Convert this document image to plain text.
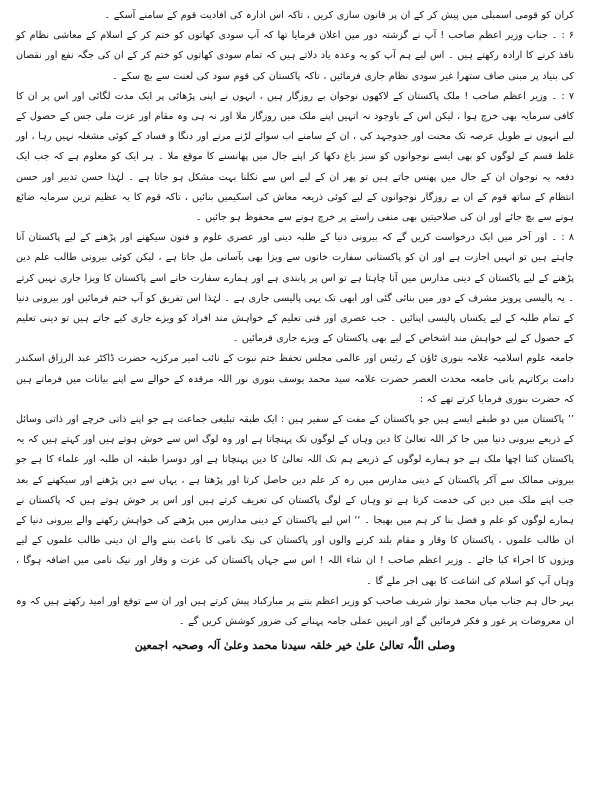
کران کو قومی اسمبلی میں پیش کر کے ان پر قانون سازی کریں ، تاکہ اس ادارہ کی افادیت قوم کے سامنے آسکے ۔

۶ : ۔ جناب وزیر اعظم صاحب ! آپ نے گزشتہ دور میں اعلان فرمایا تھا کہ آپ سودی کھاتوں کو ختم کر کے اسلام کے معاشی نظام کو نافذ کرنے کا ارادہ رکھتے ہیں ۔ اس لیے ہم آپ کو یہ وعدہ یاد دلاتے ہیں کہ تمام سودی کھاتوں کو ختم کر کے ان کی جگہ نفع اور نقصان کی بنیاد پر مبنی صاف ستھرا غیر سودی نظام جاری فرمائیں ، تاکہ پاکستان کی قوم سود کی لعنت سے بچ سکے ۔

۷ : ۔ وزیر اعظم صاحب ! ملک پاکستان کے لاکھوں نوجوان بے روزگار ہیں ، انہوں نے اپنی پڑھائی پر ایک مدت لگائی اور اس پر ان کا کافی سرمایہ بھی خرچ ہوا ، لیکن اس کے باوجود نہ انہیں اپنے ملک میں روزگار ملا اور نہ ہی وہ مقام اور عزت ملی جس کے حصول کے لیے انہوں نے طویل عرصہ تک محنت اور جدوجہد کی ، ان کے سامنے اب سوائے لڑنے مرنے اور دنگا و فساد کے کوئی مشغلہ نہیں رہا ، اور غلط قسم کے لوگوں کو بھی ایسے نوجوانوں کو سبز باغ دکھا کر اپنے جال میں پھانسنے کا موقع ملا ۔ ہر ایک کو معلوم ہے کہ جب ایک دفعہ یہ نوجوان ان کے جال میں پھنس جاتے ہیں تو پھر ان کے لیے اس سے نکلنا بہت مشکل ہو جاتا ہے ۔ لہٰذا حسن تدبیر اور حسن انتظام کے ساتھ قوم کے ان بے روزگار نوجوانوں کے لیے کوئی ذریعہ معاش کی اسکیمیں بنائیں ، تاکہ قوم کا یہ عظیم ترین سرمایہ ضائع ہونے سے بچ جائے اور ان کی صلاحیتیں بھی منفی راستے پر خرچ ہونے سے محفوظ ہو جائیں ۔

۸ : ۔ اور آخر میں ایک درخواست کریں گے کہ بیرونی دنیا کے طلبہ دینی اور عصری علوم و فنون سیکھنے اور پڑھنے کے لیے پاکستان آنا چاہتے ہیں تو انہیں اجازت ہے اور ان کو پاکستانی سفارت خانوں سے ویزا بھی بآسانی مل جاتا ہے ، لیکن کوئی بیرونی طالب علم دین پڑھنے کے لیے پاکستان کے دینی مدارس میں آنا چاہتا ہے تو اس پر پابندی ہے اور ہمارے سفارت خانے اسے پاکستان کا ویزا جاری نہیں کرتے ۔ یہ پالیسی پرویز مشرف کے دور میں بنائی گئی اور ابھی تک یہی پالیسی جاری ہے ۔ لہٰذا اس تفریق کو آپ ختم فرمائیں اور بیرونی دنیا کے تمام طلبہ کے لیے یکساں پالیسی اپنائیں ۔ جب عصری اور فنی تعلیم کے خواہش مند افراد کو ویزے جاری کیے جاتے ہیں تو دینی تعلیم کے حصول کے لیے خواہش مند اشخاص کے لیے بھی پاکستان کے ویزے جاری فرمائیں ۔

جامعہ علوم اسلامیہ علامہ بنوری ٹاؤن کے رئیس اور عالمی مجلس تحفظ ختم نبوت کے نائب امیر مرکزیہ حضرت ڈاکٹر عبد الرزاق اسکندر دامت برکاتہم بانی جامعہ محدث العصر حضرت علامہ سید محمد یوسف بنوری نور اللہ مرقدہ کے حوالے سے اپنے بیانات میں فرماتے ہیں کہ حضرت بنوری فرمایا کرتے تھے کہ :

’’ پاکستان میں دو طبقے ایسے ہیں جو پاکستان کے مفت کے سفیر ہیں : ایک طبقہ تبلیغی جماعت ہے جو اپنے ذاتی خرچے اور ذاتی وسائل کے ذریعے بیرونی دنیا میں جا کر اللہ تعالیٰ کا دین وہاں کے لوگوں تک پہنچاتا ہے اور وہ لوگ اس سے خوش ہوتے ہیں اور کہتے ہیں کہ یہ پاکستان کتنا اچھا ملک ہے جو ہمارے لوگوں کے ذریعے ہم تک اللہ تعالیٰ کا دین پہنچاتا ہے اور دوسرا طبقہ ان طلبہ اور علماء کا ہے جو بیرونی ممالک سے آکر پاکستان کے دینی مدارس میں رہ کر علم دین حاصل کرتا اور پڑھتا ہے ، یہاں سے دین پڑھنے اور سیکھنے کے بعد جب اپنے ملک میں دین کی خدمت کرتا ہے تو وہاں کے لوگ پاکستان کی تعریف کرتے ہیں اور اس پر خوش ہوتے ہیں کہ پاکستان نے ہمارے لوگوں کو علم و فضل بنا کر ہم میں بھیجا ۔ ‘‘ اس لیے پاکستان کے دینی مدارس میں پڑھنے کی خواہش رکھنے والے بیرونی دنیا کے ان طالب علموں ، پاکستان کا وقار و مقام بلند کرنے والوں اور پاکستان کی نیک نامی کا باعث بننے والے ان دینی طالب علموں کے لیے ویزوں کا اجراء کیا جائے ۔ وزیر اعظم صاحب ! ان شاء اللہ ! اس سے جہاں پاکستان کی عزت و وقار اور نیک نامی میں اضافہ ہوگا ، وہاں آپ کو اسلام کی اشاعت کا بھی اجر ملے گا ۔

بہر حال ہم جناب میاں محمد نواز شریف صاحب کو وزیر اعظم بننے پر مبارکباد پیش کرتے ہیں اور ان سے توقع اور امید رکھتے ہیں کہ وہ ان معروضات پر غور و فکر فرمائیں گے اور انہیں عملی جامہ پہنانے کی ضرور کوشش کریں گے ۔

وصلی اللّٰہ تعالیٰ علیٰ خیر خلقہ سیدنا محمد وعلیٰ آلہ وصحبہ اجمعین
